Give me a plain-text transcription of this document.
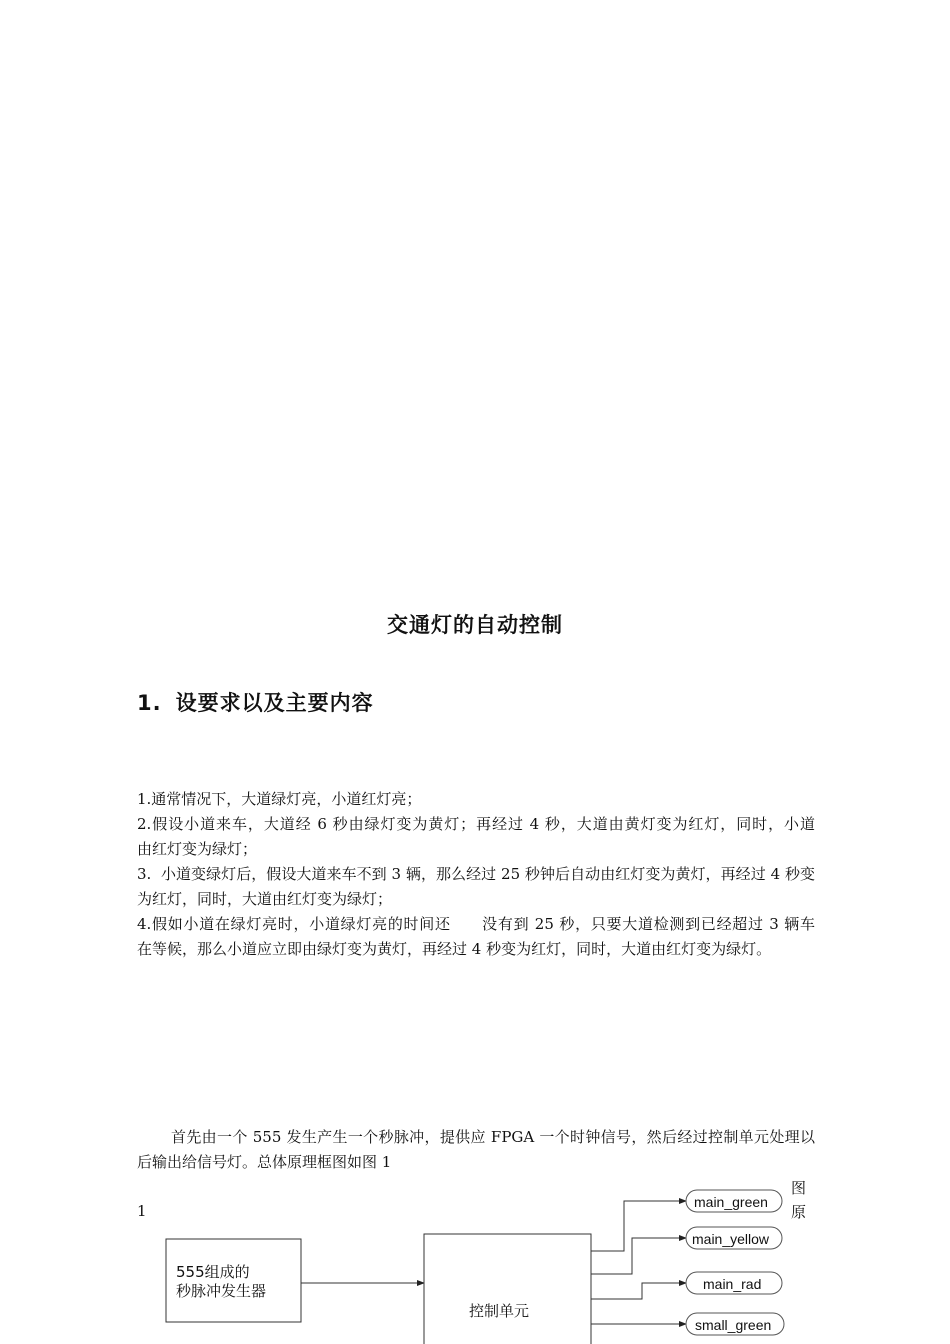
交通灯的自动控制
1. 设要求以及主要内容

1.通常情况下，大道绿灯亮，小道红灯亮；

2.假设小道来车，大道经 6 秒由绿灯变为黄灯；再经过 4 秒，大道由黄灯变为红灯，同时，小道　　由红灯变为绿灯；

3.  小道变绿灯后，假设大道来车不到 3 辆，那么经过 25 秒钟后自动由红灯变为黄灯，再经过 4 秒变为红灯，同时，大道由红灯变为绿灯；

4.假如小道在绿灯亮时，小道绿灯亮的时间还　　没有到 25 秒，只要大道检测到已经超过 3 辆车　　在等候，那么小道应立即由绿灯变为黄灯，再经过 4 秒变为红灯，同时，大道由红灯变为绿灯。

首先由一个 555 发生产生一个秒脉冲，提供应 FPGA 一个时钟信号，然后经过控制单元处理以后输出给信号灯。总体原理框图如图 1

1
图
原
555组成的
秒脉冲发生器
控制单元
main_green
main_yellow
main_rad
small_green
